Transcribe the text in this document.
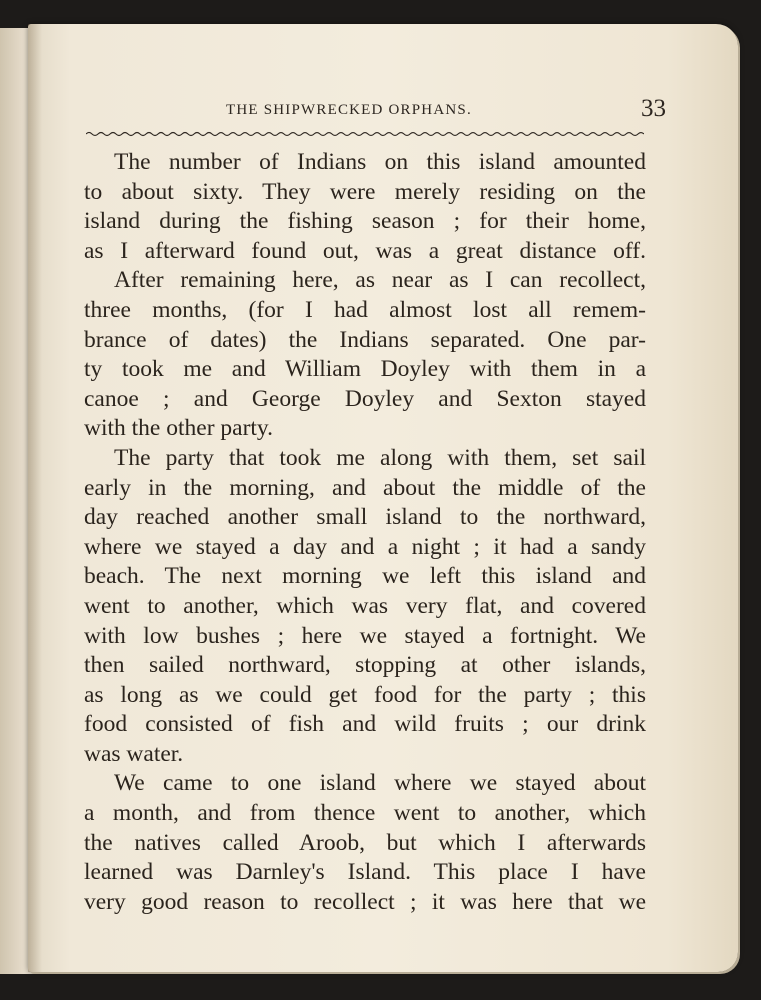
THE SHIPWRECKED ORPHANS.	33
The number of Indians on this island amounted
to about sixty. They were merely residing on the
island during the fishing season ; for their home,
as I afterward found out, was a great distance off.
After remaining here, as near as I can recollect,
three months, (for I had almost lost all remem-
brance of dates) the Indians separated. One par-
ty took me and William Doyley with them in a
canoe ; and George Doyley and Sexton stayed
with the other party.
The party that took me along with them, set sail
early in the morning, and about the middle of the
day reached another small island to the northward,
where we stayed a day and a night ; it had a sandy
beach. The next morning we left this island and
went to another, which was very flat, and covered
with low bushes ; here we stayed a fortnight. We
then sailed northward, stopping at other islands,
as long as we could get food for the party ; this
food consisted of fish and wild fruits ; our drink
was water.
We came to one island where we stayed about
a month, and from thence went to another, which
the natives called Aroob, but which I afterwards
learned was Darnley's Island. This place I have
very good reason to recollect ; it was here that we
